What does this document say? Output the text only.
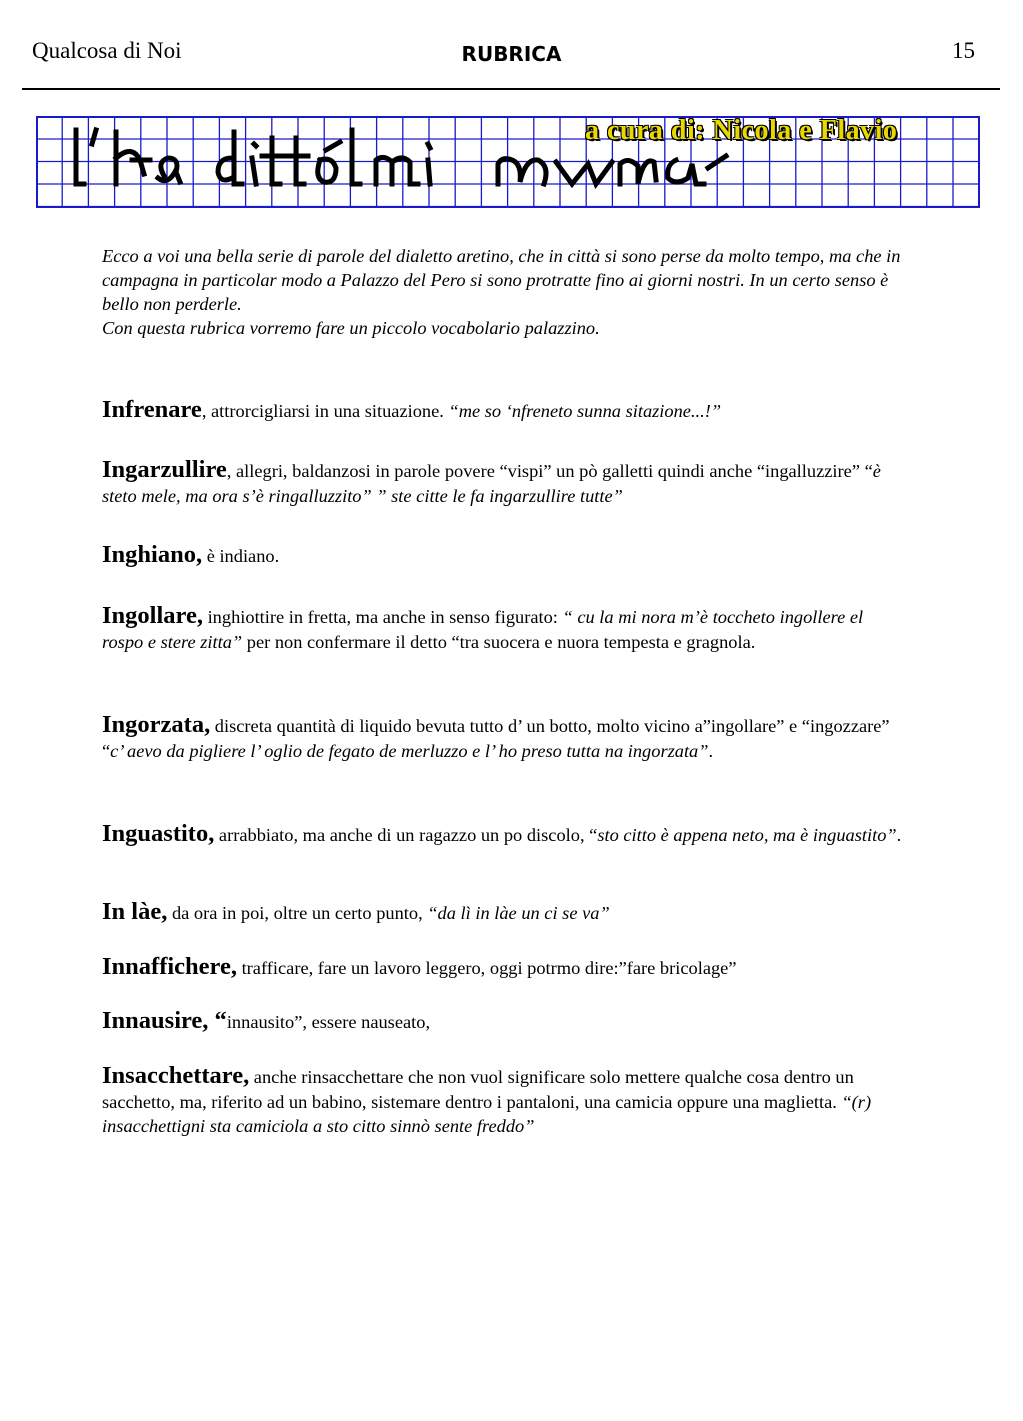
Qualcosa di Noi	RUBRICA	15
a cura di: Nicola e Flavio

Ecco a voi una bella serie di parole del dialetto aretino, che in città si sono perse da molto tempo, ma che in campagna in particolar modo a Palazzo del Pero si sono protratte fino ai giorni nostri. In un certo senso è bello non perderle.

Con questa rubrica vorremo fare un piccolo vocabolario palazzino.

Infrenare, attrorcigliarsi in una situazione. “me so ‘nfreneto sunna sitazione...!”
Ingarzullire, allegri, baldanzosi in parole povere “vispi” un pò galletti quindi anche “ingalluzzire” “è steto mele, ma ora s’è ringalluzzito” ” ste citte le fa ingarzullire tutte”
Inghiano, è indiano.
Ingollare, inghiottire in fretta, ma anche in senso figurato: “ cu la mi nora m’è toccheto ingollere el rospo e stere zitta” per non confermare il detto “tra suocera e nuora tempesta e gragnola.
Ingorzata, discreta quantità di liquido bevuta tutto d’ un botto, molto vicino a”ingollare” e “ingozzare” “c’ aevo da pigliere l’ oglio de fegato de merluzzo e l’ ho preso tutta na ingorzata”.
Inguastito, arrabbiato, ma anche di un ragazzo un po discolo, “sto citto è appena neto, ma è inguastito”.
In làe, da ora in poi, oltre un certo punto, “da lì in làe un ci se va”
Innaffichere, trafficare, fare un lavoro leggero, oggi potrmo dire:”fare bricolage”
Innausire, “innausito”, essere nauseato,
Insacchettare, anche rinsacchettare che non vuol significare solo mettere qualche cosa dentro un sacchetto, ma, riferito ad un babino, sistemare dentro i pantaloni, una camicia oppure una maglietta. “(r) insacchettigni sta camiciola a sto citto sinnò sente freddo”
